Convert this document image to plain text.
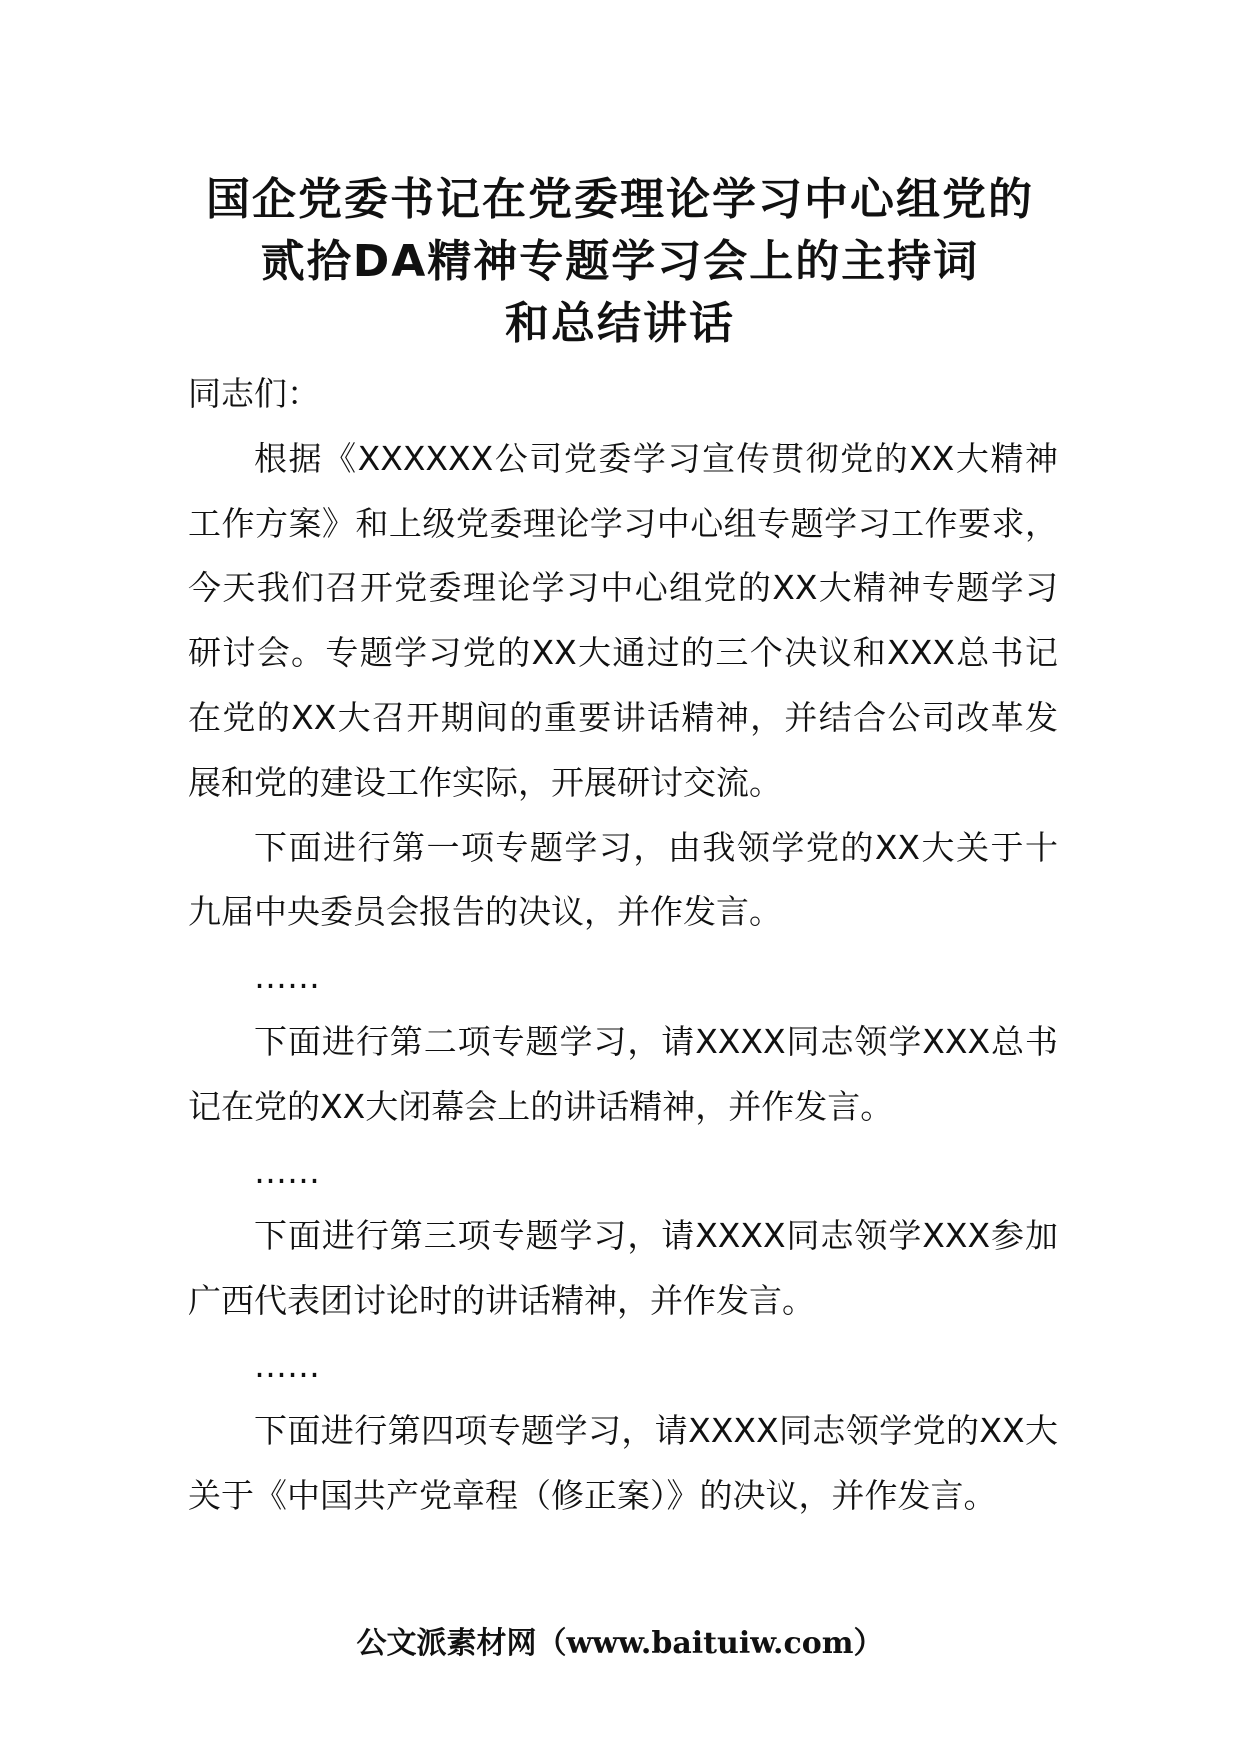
国企党委书记在党委理论学习中心组党的
贰拾DA精神专题学习会上的主持词
和总结讲话

同志们：

根据《XXXXXX公司党委学习宣传贯彻党的XX大精神工作方案》和上级党委理论学习中心组专题学习工作要求，今天我们召开党委理论学习中心组党的XX大精神专题学习研讨会。专题学习党的XX大通过的三个决议和XXX总书记在党的XX大召开期间的重要讲话精神，并结合公司改革发展和党的建设工作实际，开展研讨交流。

下面进行第一项专题学习，由我领学党的XX大关于十九届中央委员会报告的决议，并作发言。

……

下面进行第二项专题学习，请XXXX同志领学XXX总书记在党的XX大闭幕会上的讲话精神，并作发言。

……

下面进行第三项专题学习，请XXXX同志领学XXX参加广西代表团讨论时的讲话精神，并作发言。

……

下面进行第四项专题学习，请XXXX同志领学党的XX大关于《中国共产党章程（修正案）》的决议，并作发言。

公文派素材网（www.baituiw.com）
